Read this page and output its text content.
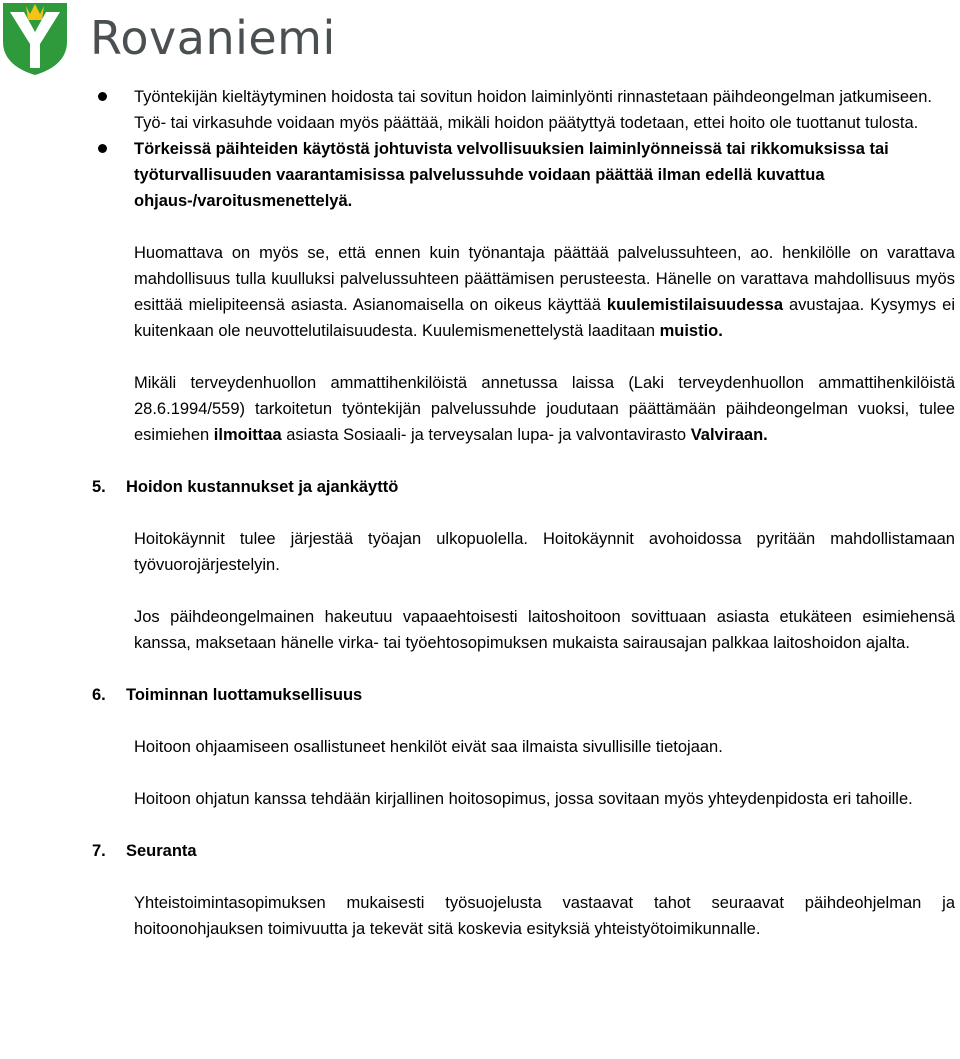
Rovaniemi
Työntekijän kieltäytyminen hoidosta tai sovitun hoidon laiminlyönti rinnastetaan päihdeongelman jatkumiseen. Työ- tai virkasuhde voidaan myös päättää, mikäli hoidon päätyttyä todetaan, ettei hoito ole tuottanut tulosta.
Törkeissä päihteiden käytöstä johtuvista velvollisuuksien laiminlyönneissä tai rikkomuksissa tai työturvallisuuden vaarantamisissa palvelussuhde voidaan päättää ilman edellä kuvattua ohjaus-/varoitusmenettelyä.

Huomattava on myös se, että ennen kuin työnantaja päättää palvelussuhteen, ao. henkilölle on varattava mahdollisuus tulla kuulluksi palvelussuhteen päättämisen perusteesta. Hänelle on varattava mahdollisuus myös esittää mielipiteensä asiasta. Asianomaisella on oikeus käyttää kuulemistilaisuudessa avustajaa. Kysymys ei kuitenkaan ole neuvottelutilaisuudesta. Kuulemismenettelystä laaditaan muistio.

Mikäli terveydenhuollon ammattihenkilöistä annetussa laissa (Laki terveydenhuollon ammattihenkilöistä 28.6.1994/559) tarkoitetun työntekijän palvelussuhde joudutaan päättämään päihdeongelman vuoksi, tulee esimiehen ilmoittaa asiasta Sosiaali- ja terveysalan lupa- ja valvontavirasto Valviraan.

5. Hoidon kustannukset ja ajankäyttö

Hoitokäynnit tulee järjestää työajan ulkopuolella. Hoitokäynnit avohoidossa pyritään mahdollistamaan työvuorojärjestelyin.

Jos päihdeongelmainen hakeutuu vapaaehtoisesti laitoshoitoon sovittuaan asiasta etukäteen esimiehensä kanssa, maksetaan hänelle virka- tai työehtosopimuksen mukaista sairausajan palkkaa laitoshoidon ajalta.

6. Toiminnan luottamuksellisuus

Hoitoon ohjaamiseen osallistuneet henkilöt eivät saa ilmaista sivullisille tietojaan.

Hoitoon ohjatun kanssa tehdään kirjallinen hoitosopimus, jossa sovitaan myös yhteydenpidosta eri tahoille.

7. Seuranta

Yhteistoimintasopimuksen mukaisesti työsuojelusta vastaavat tahot seuraavat päihdeohjelman ja hoitoonohjauksen toimivuutta ja tekevät sitä koskevia esityksiä yhteistyötoimikunnalle.
